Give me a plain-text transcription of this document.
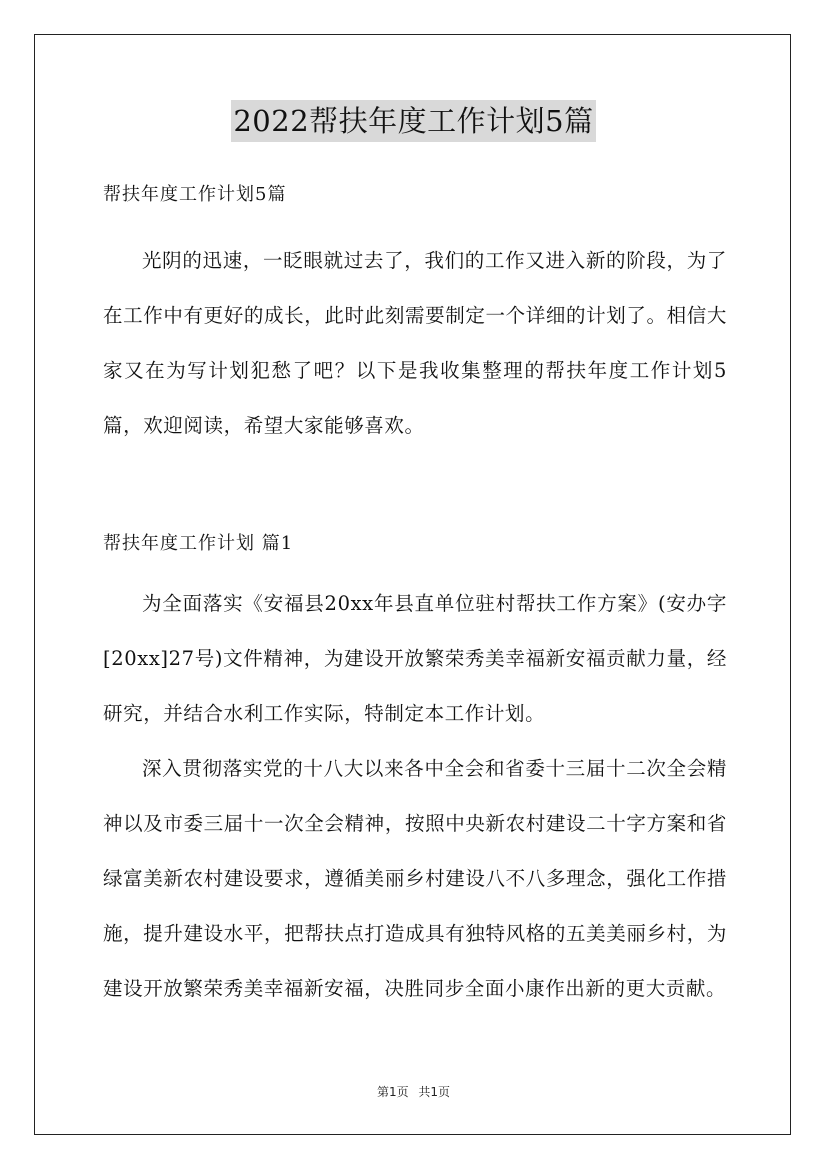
2022帮扶年度工作计划5篇

帮扶年度工作计划5篇

光阴的迅速，一眨眼就过去了，我们的工作又进入新的阶段，为了在工作中有更好的成长，此时此刻需要制定一个详细的计划了。相信大家又在为写计划犯愁了吧？以下是我收集整理的帮扶年度工作计划5篇，欢迎阅读，希望大家能够喜欢。

帮扶年度工作计划 篇1

为全面落实《安福县20xx年县直单位驻村帮扶工作方案》(安办字[20xx]27号)文件精神，为建设开放繁荣秀美幸福新安福贡献力量，经研究，并结合水利工作实际，特制定本工作计划。

深入贯彻落实党的十八大以来各中全会和省委十三届十二次全会精神以及市委三届十一次全会精神，按照中央新农村建设二十字方案和省绿富美新农村建设要求，遵循美丽乡村建设八不八多理念，强化工作措施，提升建设水平，把帮扶点打造成具有独特风格的五美美丽乡村，为建设开放繁荣秀美幸福新安福，决胜同步全面小康作出新的更大贡献。

第1页 共1页
